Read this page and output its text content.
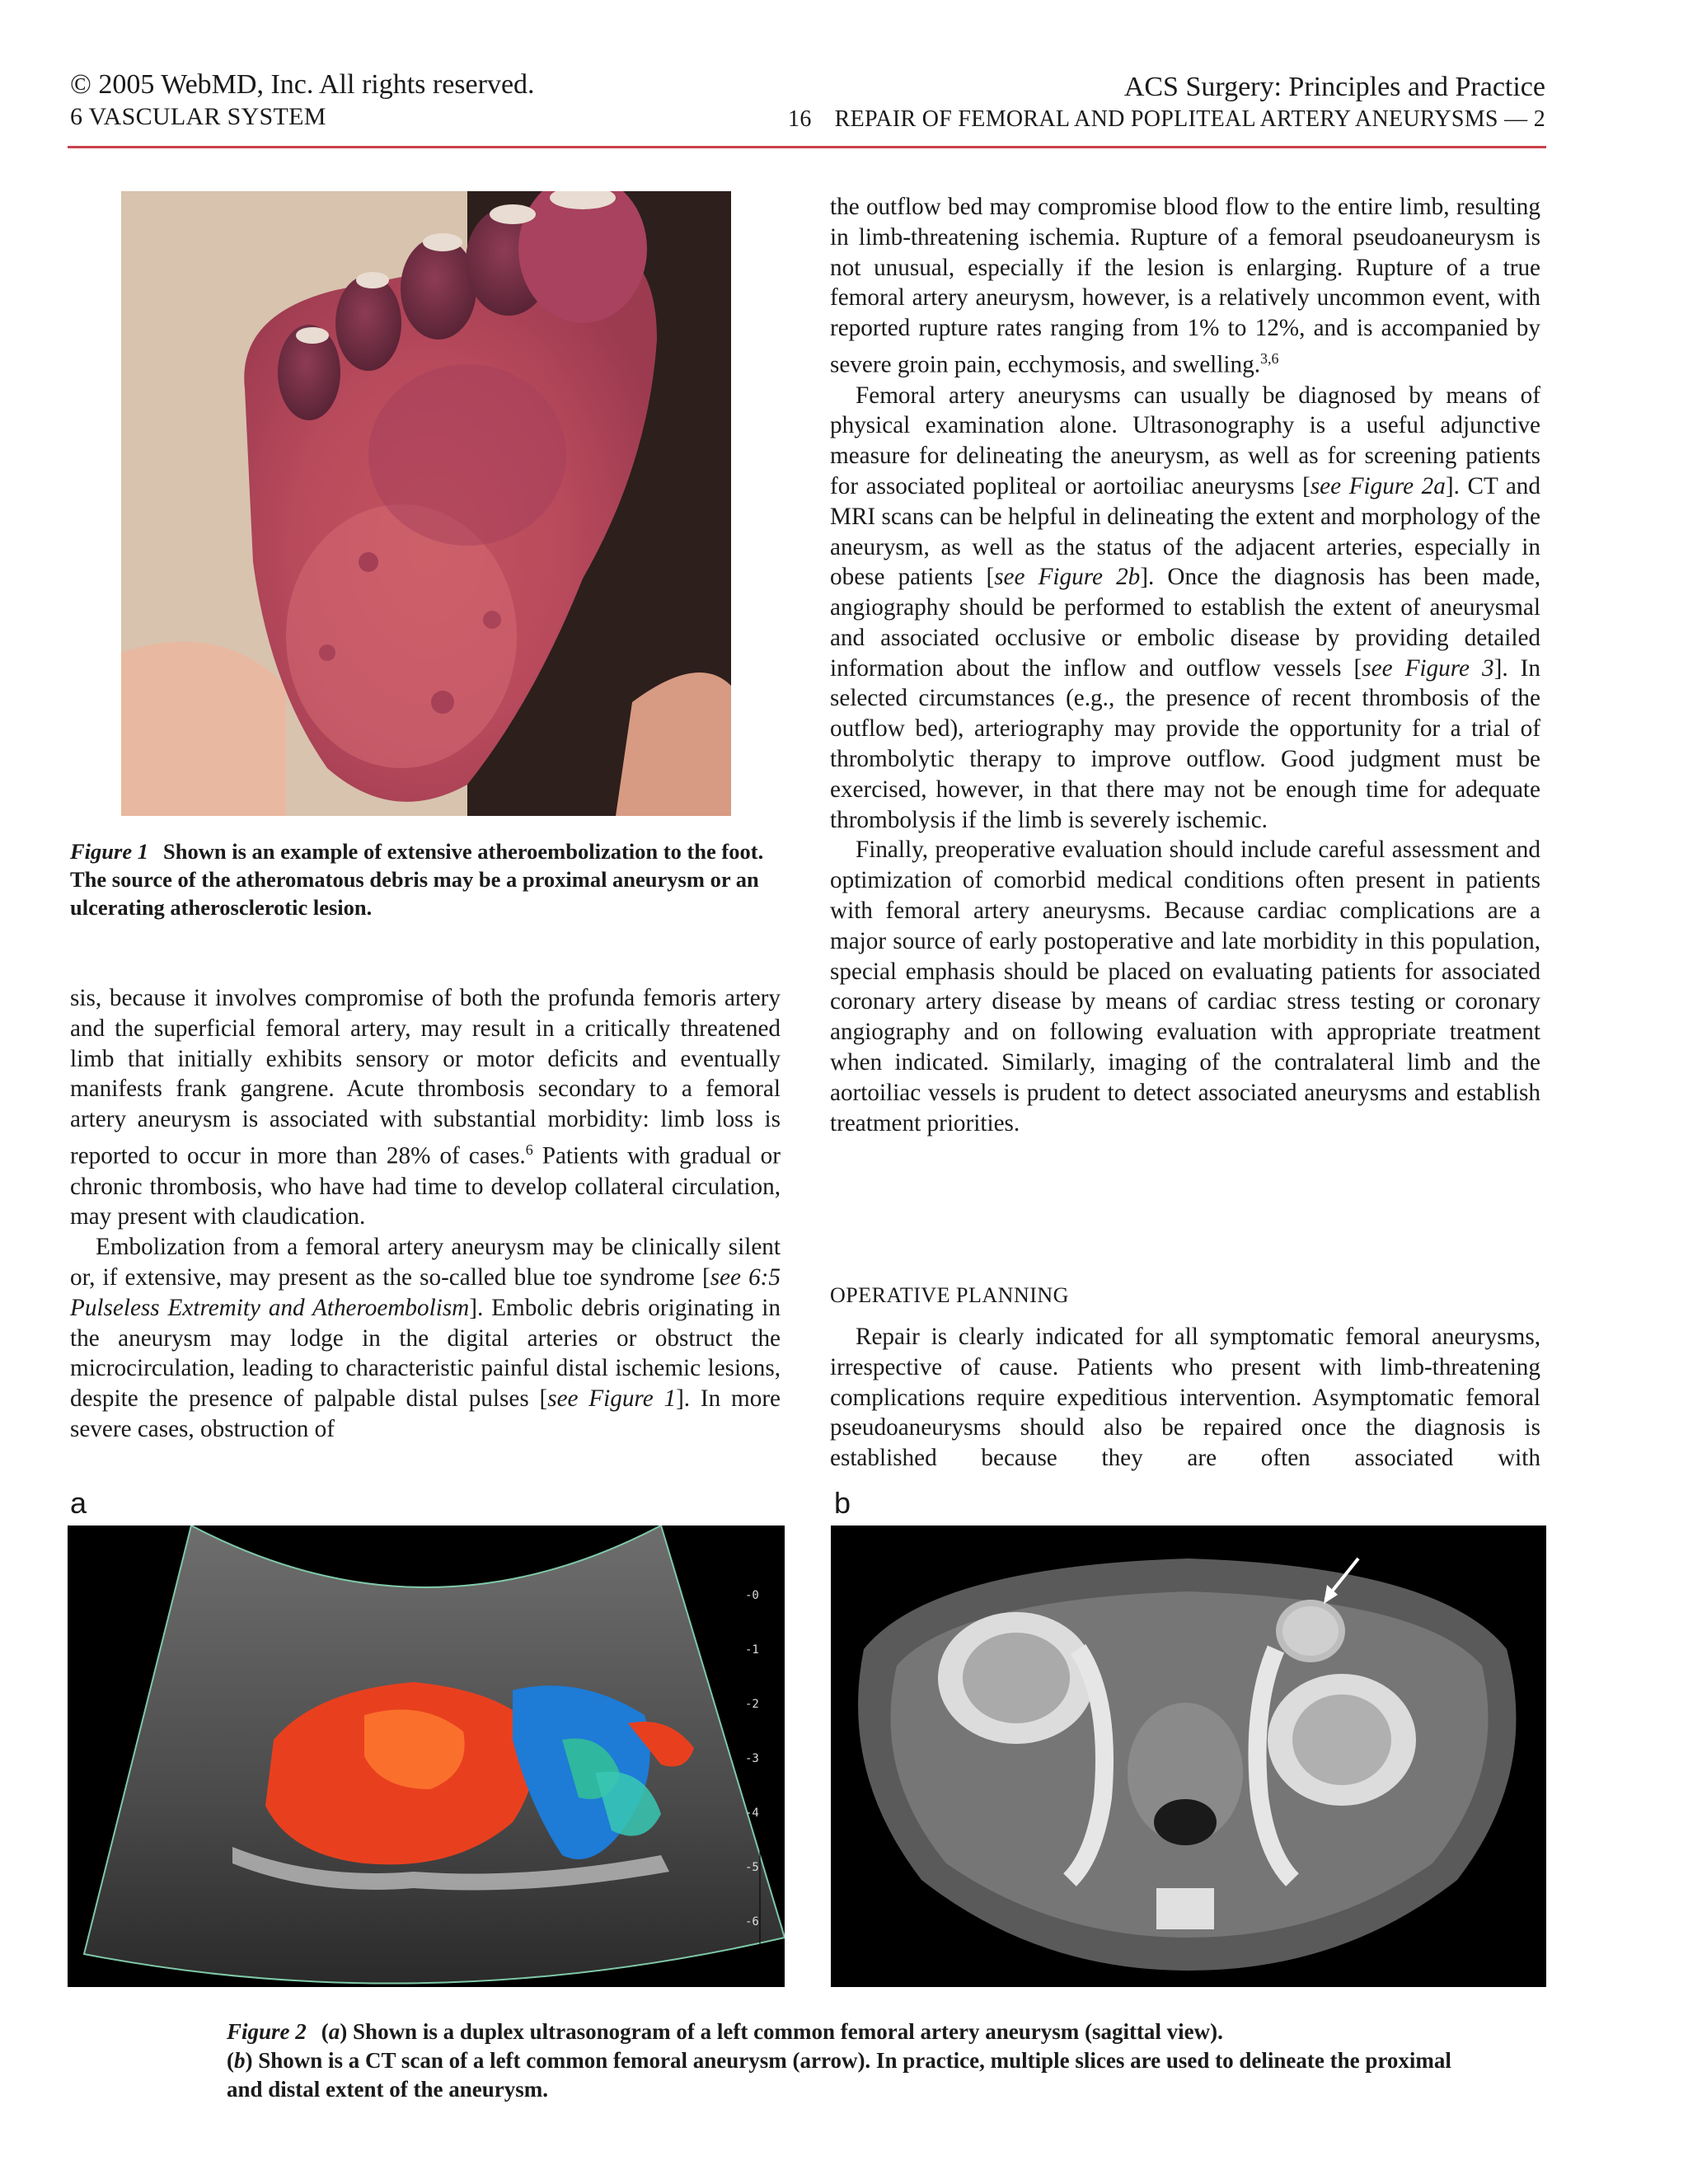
© 2005 WebMD, Inc. All rights reserved.
6 VASCULAR SYSTEM
ACS Surgery: Principles and Practice
16 REPAIR OF FEMORAL AND POPLITEAL ARTERY ANEURYSMS — 2
Figure 1 Shown is an example of extensive atheroembolization to the foot. The source of the atheromatous debris may be a proximal aneurysm or an ulcerating atherosclerotic lesion.

sis, because it involves compromise of both the profunda femoris artery and the superficial femoral artery, may result in a critically threatened limb that initially exhibits sensory or motor deficits and eventually manifests frank gangrene. Acute thrombosis secondary to a femoral artery aneurysm is associated with substantial morbidity: limb loss is reported to occur in more than 28% of cases.$^6$ Patients with gradual or chronic thrombosis, who have had time to develop collateral circulation, may present with claudication.

Embolization from a femoral artery aneurysm may be clinically silent or, if extensive, may present as the so-called blue toe syndrome [see 6:5 Pulseless Extremity and Atheroembolism]. Embolic debris originating in the aneurysm may lodge in the digital arteries or obstruct the microcirculation, leading to characteristic painful distal ischemic lesions, despite the presence of palpable distal pulses [see Figure 1]. In more severe cases, obstruction of

the outflow bed may compromise blood flow to the entire limb, resulting in limb-threatening ischemia. Rupture of a femoral pseudoaneurysm is not unusual, especially if the lesion is enlarging. Rupture of a true femoral artery aneurysm, however, is a relatively uncommon event, with reported rupture rates ranging from 1% to 12%, and is accompanied by severe groin pain, ecchymosis, and swelling.$^{3,6}$

Femoral artery aneurysms can usually be diagnosed by means of physical examination alone. Ultrasonography is a useful adjunctive measure for delineating the aneurysm, as well as for screening patients for associated popliteal or aortoiliac aneurysms [see Figure 2a]. CT and MRI scans can be helpful in delineating the extent and morphology of the aneurysm, as well as the status of the adjacent arteries, especially in obese patients [see Figure 2b]. Once the diagnosis has been made, angiography should be performed to establish the extent of aneurysmal and associated occlusive or embolic disease by providing detailed information about the inflow and outflow vessels [see Figure 3]. In selected circumstances (e.g., the presence of recent thrombosis of the outflow bed), arteriography may provide the opportunity for a trial of thrombolytic therapy to improve outflow. Good judgment must be exercised, however, in that there may not be enough time for adequate thrombolysis if the limb is severely ischemic.

Finally, preoperative evaluation should include careful assessment and optimization of comorbid medical conditions often present in patients with femoral artery aneurysms. Because cardiac complications are a major source of early postoperative and late morbidity in this population, special emphasis should be placed on evaluating patients for associated coronary artery disease by means of cardiac stress testing or coronary angiography and on following evaluation with appropriate treatment when indicated. Similarly, imaging of the contralateral limb and the aortoiliac vessels is prudent to detect associated aneurysms and establish treatment priorities.

OPERATIVE PLANNING

Repair is clearly indicated for all symptomatic femoral aneurysms, irrespective of cause. Patients who present with limb-threatening complications require expeditious intervention. Asymptomatic femoral pseudoaneurysms should also be repaired once the diagnosis is established because they are often associated with

a	b
-0
-1
-2
-3
-4
-5
-6
Figure 2 (a) Shown is a duplex ultrasonogram of a left common femoral artery aneurysm (sagittal view).
(b) Shown is a CT scan of a left common femoral aneurysm (arrow). In practice, multiple slices are used to delineate the proximal and distal extent of the aneurysm.
